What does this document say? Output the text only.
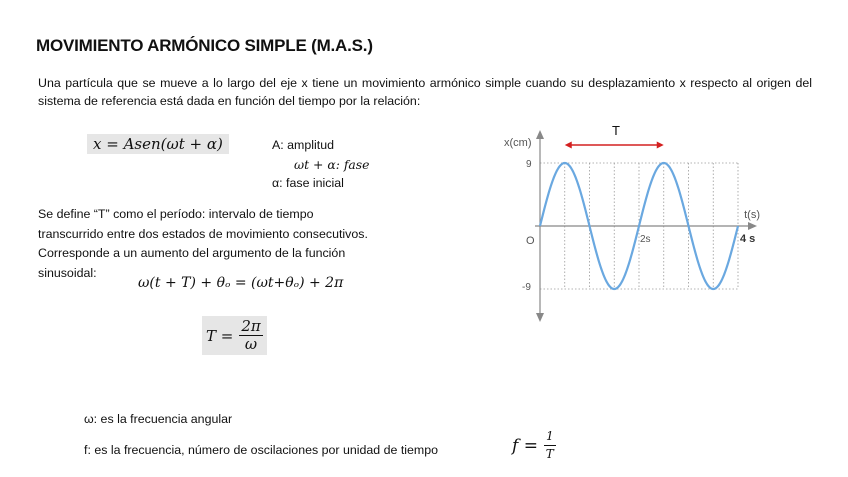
MOVIMIENTO ARMÓNICO SIMPLE (M.A.S.)
Una partícula que se mueve a lo largo del eje x tiene un movimiento armónico simple cuando su desplazamiento x respecto al origen del sistema de referencia está dada en función del tiempo por la relación:
x = Asen(ωt + α)	A: amplitud
ωt + α: fase
α: fase inicial
Se define “T” como el período: intervalo de tiempo
transcurrido entre dos estados de movimiento consecutivos.
Corresponde a un aumento del argumento de la función
sinusoidal:
ω(t + T) + θₒ = (ωt+θₒ) + 2π
$T = \frac{2\pi}{\omega}$
ω: es la frecuencia angular
f: es la frecuencia, número de oscilaciones por unidad de tiempo	$f = \frac{1}{T}$
T
x(cm)
t(s)
9
-9
O	2s	4 s
